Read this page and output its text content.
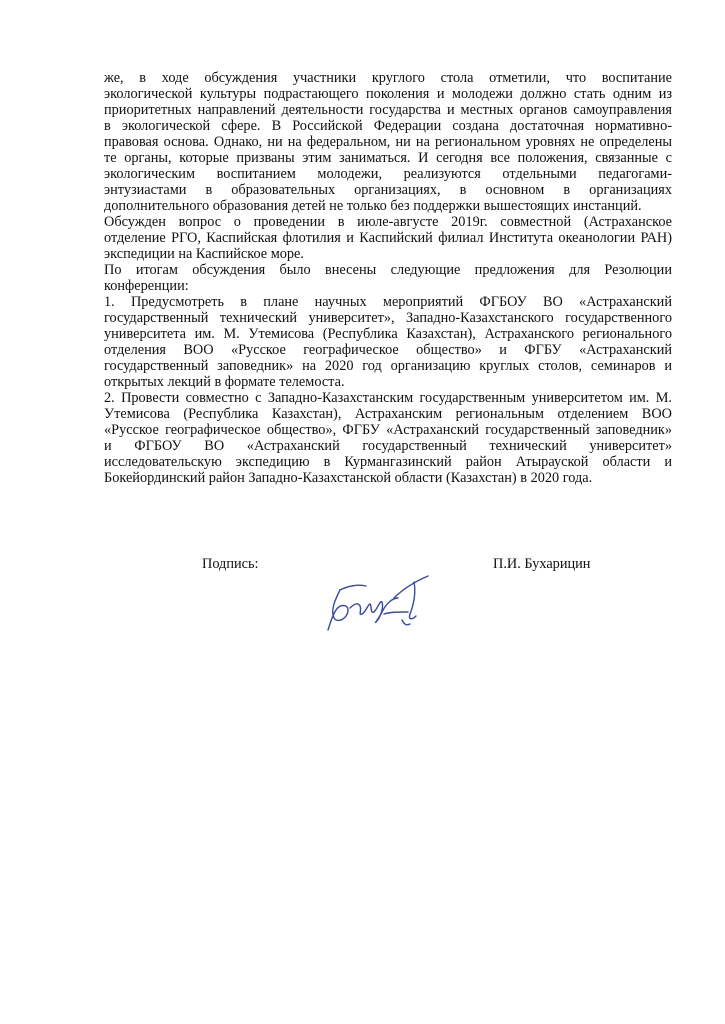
же, в ходе обсуждения участники круглого стола отметили, что воспитание
экологической культуры подрастающего поколения и молодежи должно стать одним из
приоритетных направлений деятельности государства и местных органов самоуправления
в экологической сфере. В Российской Федерации создана достаточная нормативно-
правовая основа. Однако, ни на федеральном, ни на региональном уровнях не определены
те органы, которые призваны этим заниматься. И сегодня все положения, связанные с
экологическим воспитанием молодежи, реализуются отдельными педагогами-
энтузиастами в образовательных организациях, в основном в организациях
дополнительного образования детей не только без поддержки вышестоящих инстанций.
Обсужден вопрос о проведении в июле-августе 2019г. совместной (Астраханское
отделение РГО, Каспийская флотилия и Каспийский филиал Института океанологии РАН)
экспедиции на Каспийское море.
По итогам обсуждения было внесены следующие предложения для Резолюции
конференции:
1. Предусмотреть в плане научных мероприятий ФГБОУ ВО «Астраханский
государственный технический университет», Западно-Казахстанского государственного
университета им. М. Утемисова (Республика Казахстан), Астраханского регионального
отделения ВОО «Русское географическое общество» и ФГБУ «Астраханский
государственный заповедник» на 2020 год организацию круглых столов, семинаров и
открытых лекций в формате телемоста.
2. Провести совместно с Западно-Казахстанским государственным университетом им. М.
Утемисова (Республика Казахстан), Астраханским региональным отделением ВОО
«Русское географическое общество», ФГБУ «Астраханский государственный заповедник»
и ФГБОУ ВО «Астраханский государственный технический университет»
исследовательскую экспедицию в Курмангазинский район Атырауской области и
Бокейординский район Западно-Казахстанской области (Казахстан) в 2020 года.
Подпись:	П.И. Бухарицин
